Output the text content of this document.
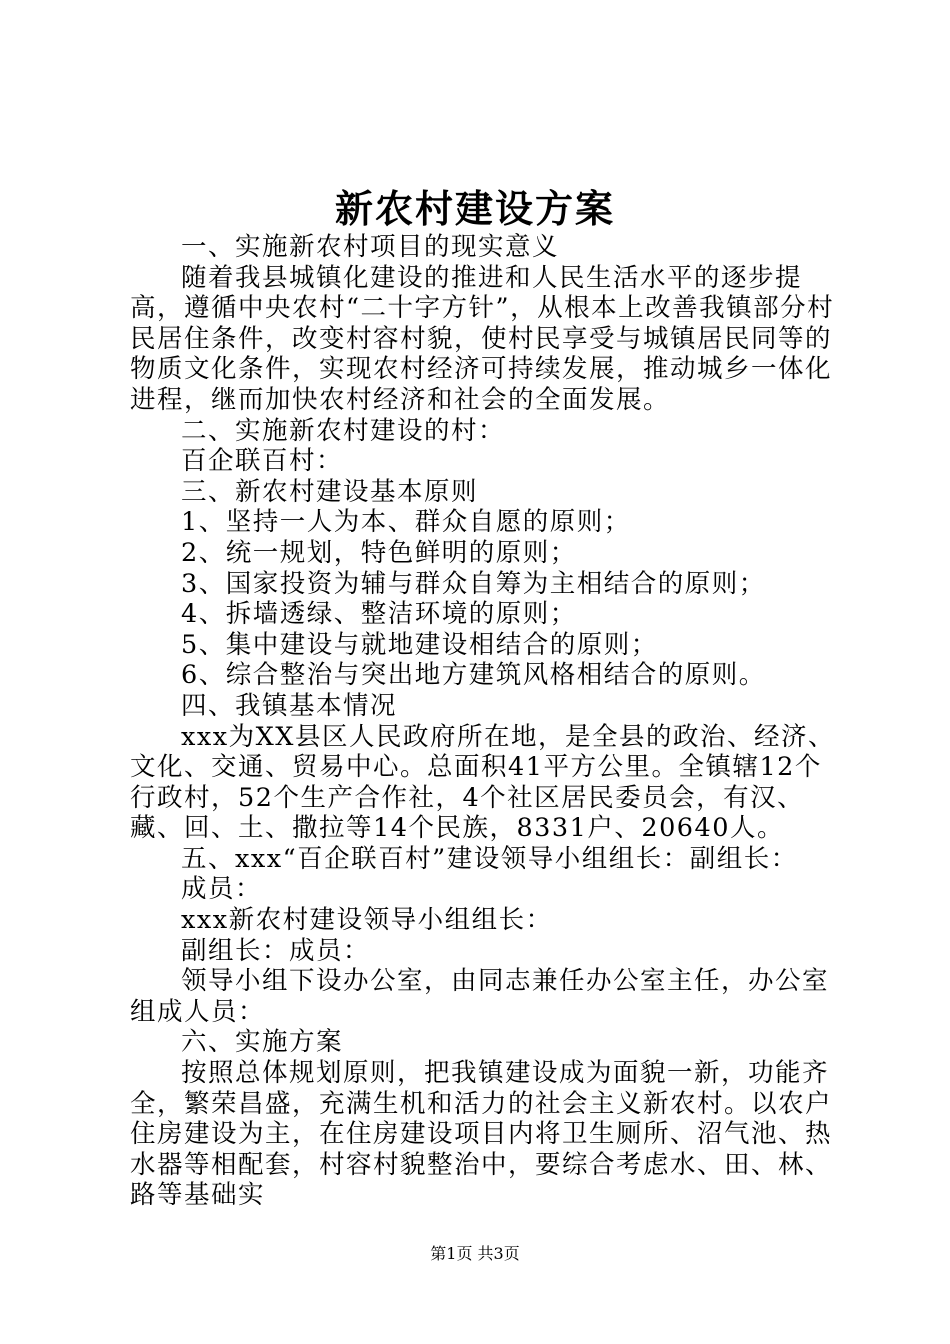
新农村建设方案

一、实施新农村项目的现实意义

随着我县城镇化建设的推进和人民生活水平的逐步提高，遵循中央农村“二十字方针”，从根本上改善我镇部分村民居住条件，改变村容村貌，使村民享受与城镇居民同等的物质文化条件，实现农村经济可持续发展，推动城乡一体化进程，继而加快农村经济和社会的全面发展。

二、实施新农村建设的村：

百企联百村：

三、新农村建设基本原则

1、坚持一人为本、群众自愿的原则；

2、统一规划，特色鲜明的原则；

3、国家投资为辅与群众自筹为主相结合的原则；

4、拆墙透绿、整洁环境的原则；

5、集中建设与就地建设相结合的原则；

6、综合整治与突出地方建筑风格相结合的原则。

四、我镇基本情况

xxx为XX县区人民政府所在地，是全县的政治、经济、文化、交通、贸易中心。总面积41平方公里。全镇辖12个行政村，52个生产合作社，4个社区居民委员会，有汉、藏、回、土、撒拉等14个民族，8331户、20640人。

五、xxx“百企联百村”建设领导小组组长：副组长：

成员：

xxx新农村建设领导小组组长：

副组长：成员：

领导小组下设办公室，由同志兼任办公室主任，办公室组成人员：

六、实施方案

按照总体规划原则，把我镇建设成为面貌一新，功能齐全，繁荣昌盛，充满生机和活力的社会主义新农村。以农户住房建设为主，在住房建设项目内将卫生厕所、沼气池、热水器等相配套，村容村貌整治中，要综合考虑水、田、林、路等基础实

第1页 共3页
